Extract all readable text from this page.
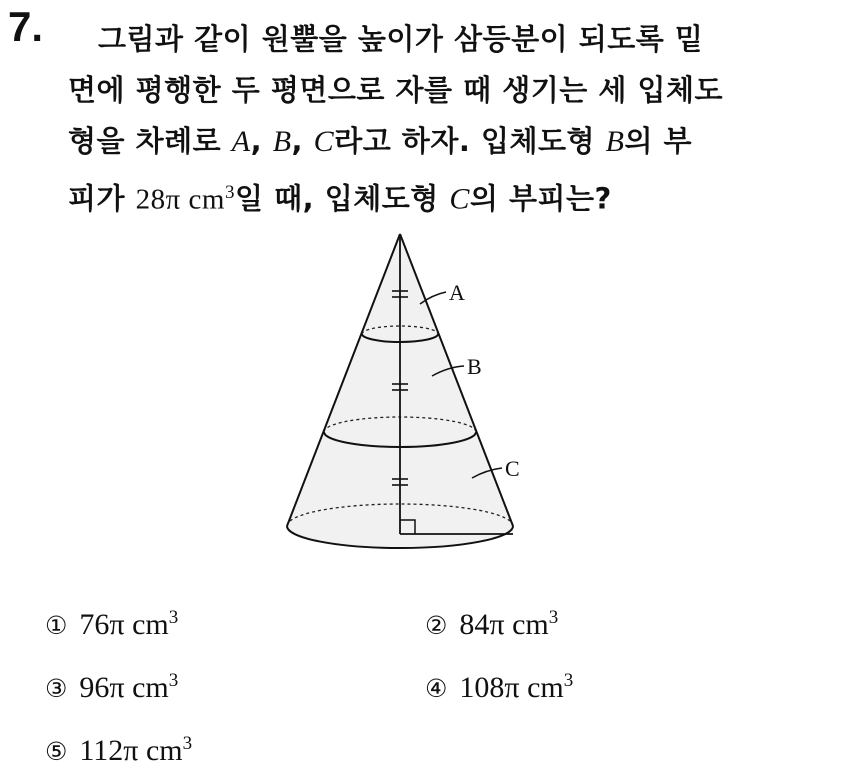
7.	그림과 같이 원뿔을 높이가 삼등분이 되도록 밑
면에 평행한 두 평면으로 자를 때 생기는 세 입체도
형을 차례로 A, B, C라고 하자. 입체도형 B의 부
피가 28π $cm^3$일 때, 입체도형 C의 부피는?
A
B
C
① 76π $cm^3$	② 84π $cm^3$
③ 96π $cm^3$	④ 108π $cm^3$
⑤ 112π $cm^3$
